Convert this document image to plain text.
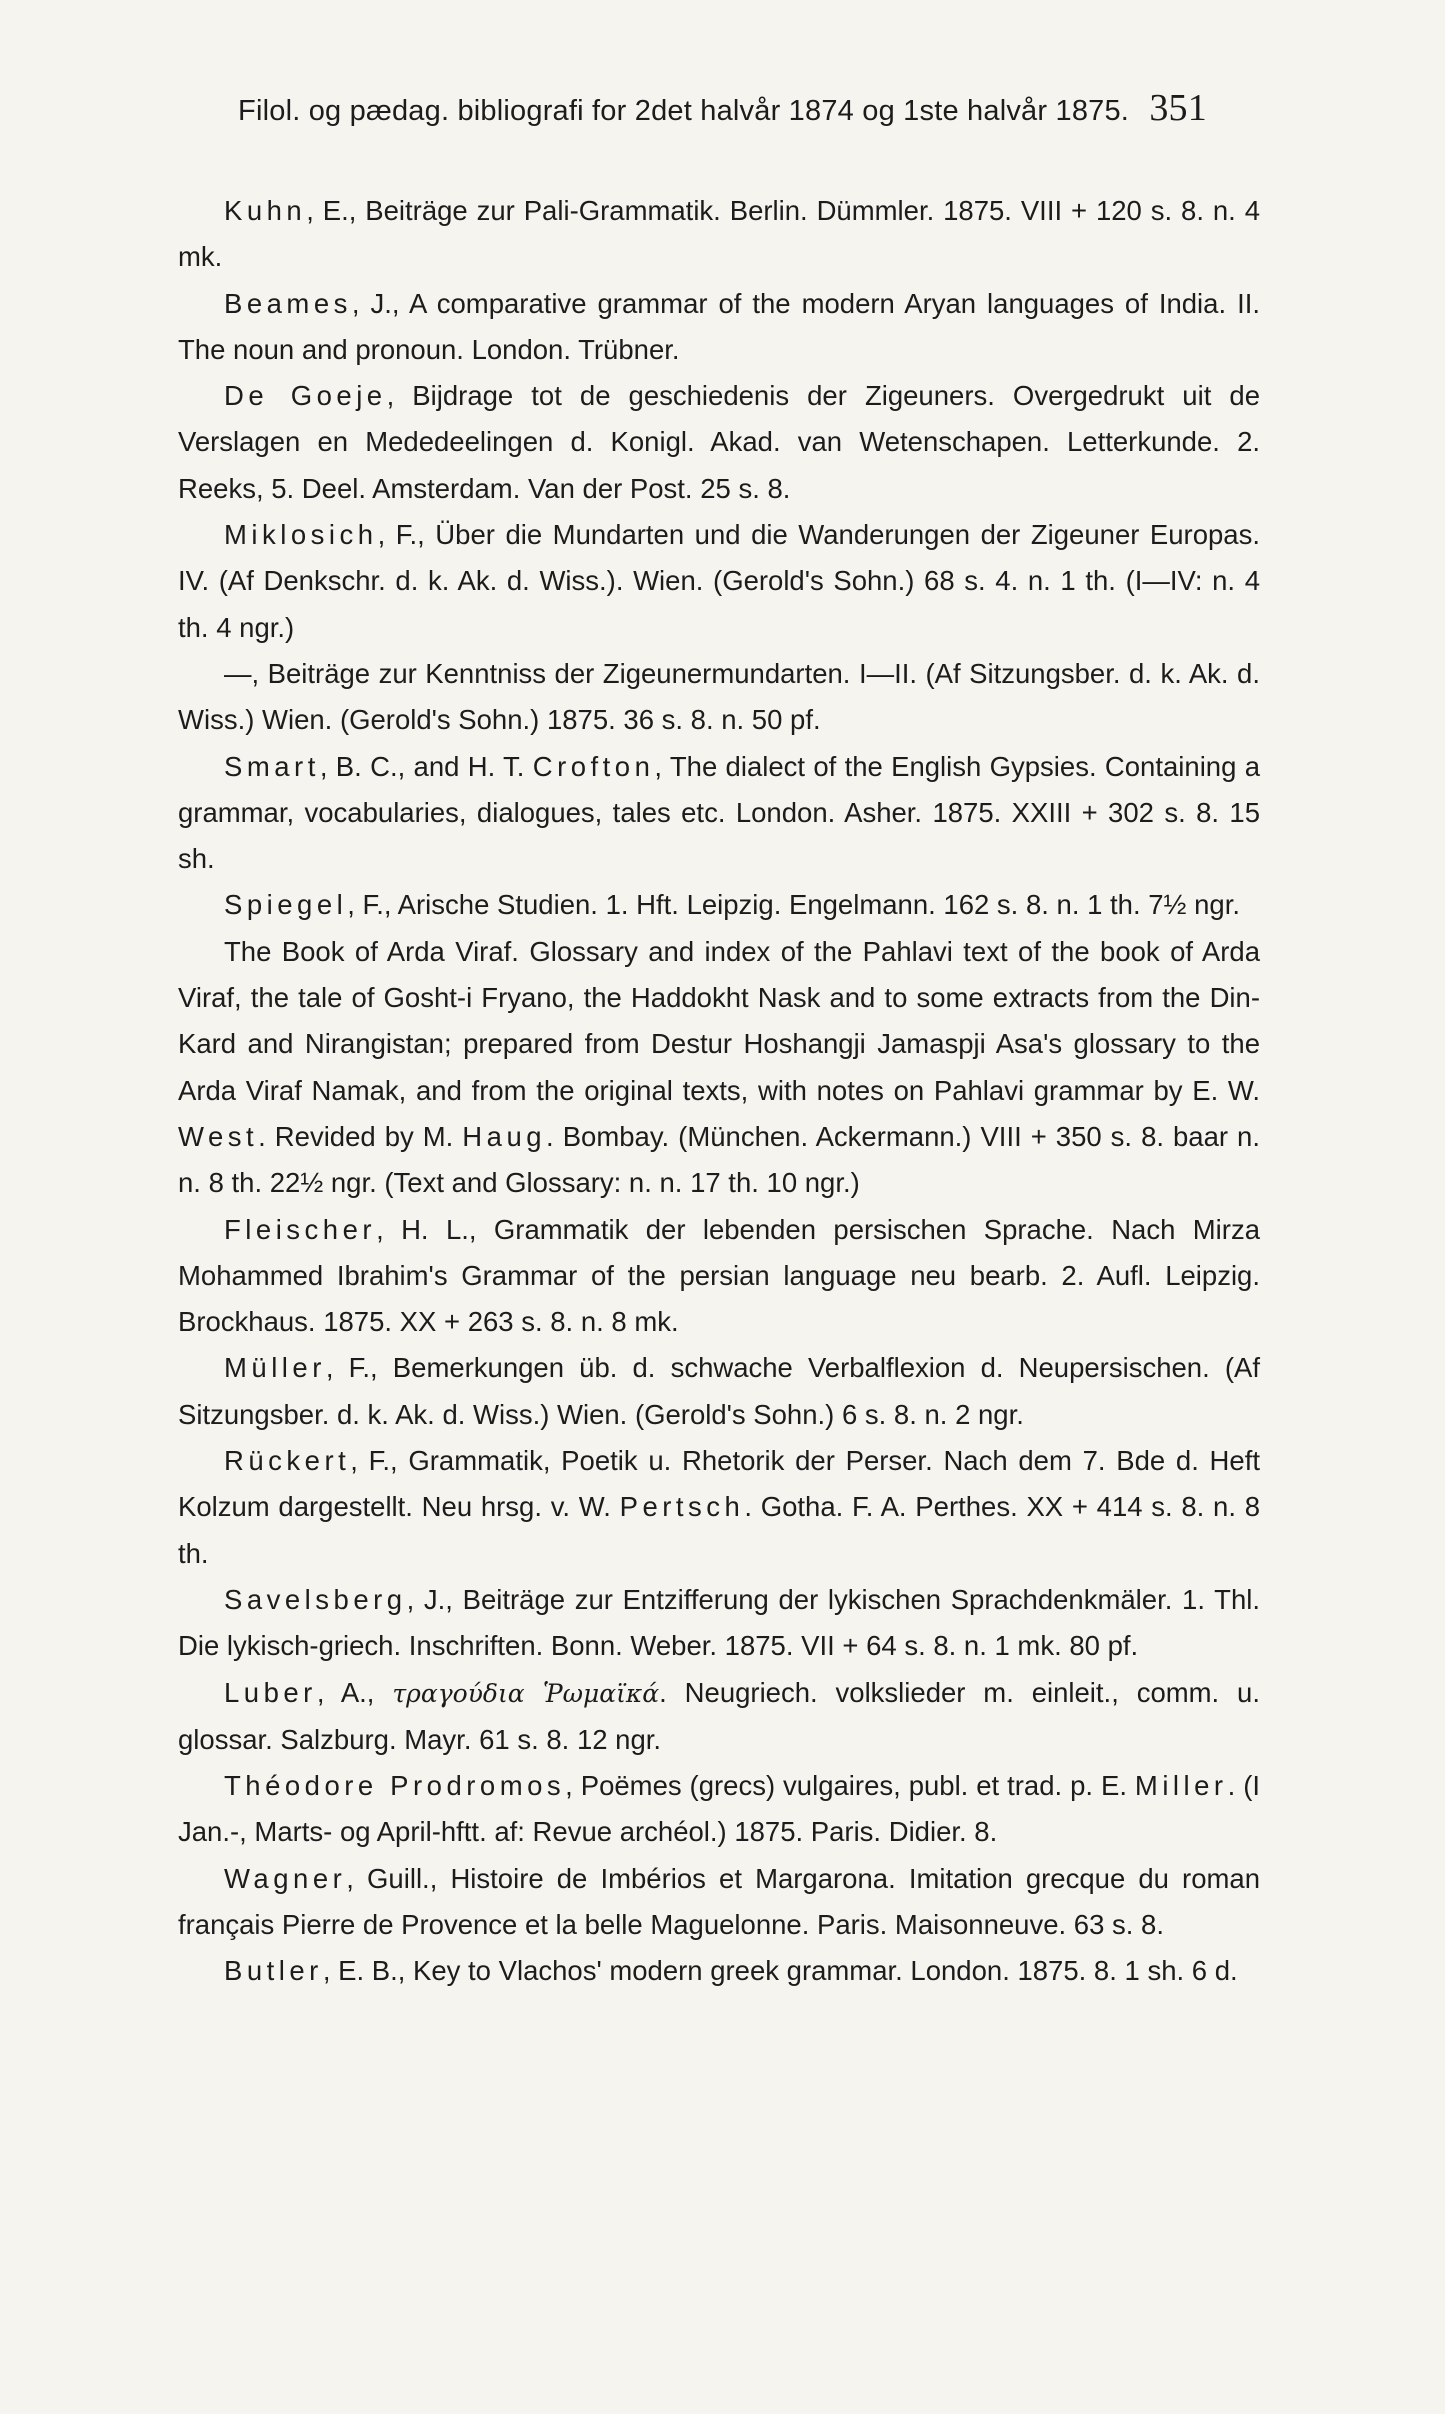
Filol. og pædag. bibliografi for 2det halvår 1874 og 1ste halvår 1875. 351

Kuhn, E., Beiträge zur Pali-Grammatik. Berlin. Dümmler. 1875. VIII + 120 s. 8. n. 4 mk.

Beames, J., A comparative grammar of the modern Aryan languages of India. II. The noun and pronoun. London. Trübner.

De Goeje, Bijdrage tot de geschiedenis der Zigeuners. Overgedrukt uit de Verslagen en Mededeelingen d. Konigl. Akad. van Wetenschapen. Letterkunde. 2. Reeks, 5. Deel. Amsterdam. Van der Post. 25 s. 8.

Miklosich, F., Über die Mundarten und die Wanderungen der Zigeuner Europas. IV. (Af Denkschr. d. k. Ak. d. Wiss.). Wien. (Gerold's Sohn.) 68 s. 4. n. 1 th. (I—IV: n. 4 th. 4 ngr.)

—, Beiträge zur Kenntniss der Zigeunermundarten. I—II. (Af Sitzungsber. d. k. Ak. d. Wiss.) Wien. (Gerold's Sohn.) 1875. 36 s. 8. n. 50 pf.

Smart, B. C., and H. T. Crofton, The dialect of the English Gypsies. Containing a grammar, vocabularies, dialogues, tales etc. London. Asher. 1875. XXIII + 302 s. 8. 15 sh.

Spiegel, F., Arische Studien. 1. Hft. Leipzig. Engelmann. 162 s. 8. n. 1 th. 7½ ngr.

The Book of Arda Viraf. Glossary and index of the Pahlavi text of the book of Arda Viraf, the tale of Gosht-i Fryano, the Haddokht Nask and to some extracts from the Din-Kard and Nirangistan; prepared from Destur Hoshangji Jamaspji Asa's glossary to the Arda Viraf Namak, and from the original texts, with notes on Pahlavi grammar by E. W. West. Revided by M. Haug. Bombay. (München. Ackermann.) VIII + 350 s. 8. baar n. n. 8 th. 22½ ngr. (Text and Glossary: n. n. 17 th. 10 ngr.)

Fleischer, H. L., Grammatik der lebenden persischen Sprache. Nach Mirza Mohammed Ibrahim's Grammar of the persian language neu bearb. 2. Aufl. Leipzig. Brockhaus. 1875. XX + 263 s. 8. n. 8 mk.

Müller, F., Bemerkungen üb. d. schwache Verbalflexion d. Neupersischen. (Af Sitzungsber. d. k. Ak. d. Wiss.) Wien. (Gerold's Sohn.) 6 s. 8. n. 2 ngr.

Rückert, F., Grammatik, Poetik u. Rhetorik der Perser. Nach dem 7. Bde d. Heft Kolzum dargestellt. Neu hrsg. v. W. Pertsch. Gotha. F. A. Perthes. XX + 414 s. 8. n. 8 th.

Savelsberg, J., Beiträge zur Entzifferung der lykischen Sprachdenkmäler. 1. Thl. Die lykisch-griech. Inschriften. Bonn. Weber. 1875. VII + 64 s. 8. n. 1 mk. 80 pf.

Luber, A., τραγούδια Ῥωμαϊκά. Neugriech. volkslieder m. einleit., comm. u. glossar. Salzburg. Mayr. 61 s. 8. 12 ngr.

Théodore Prodromos, Poëmes (grecs) vulgaires, publ. et trad. p. E. Miller. (I Jan.-, Marts- og April-hftt. af: Revue archéol.) 1875. Paris. Didier. 8.

Wagner, Guill., Histoire de Imbérios et Margarona. Imitation grecque du roman français Pierre de Provence et la belle Maguelonne. Paris. Maisonneuve. 63 s. 8.

Butler, E. B., Key to Vlachos' modern greek grammar. London. 1875. 8. 1 sh. 6 d.
